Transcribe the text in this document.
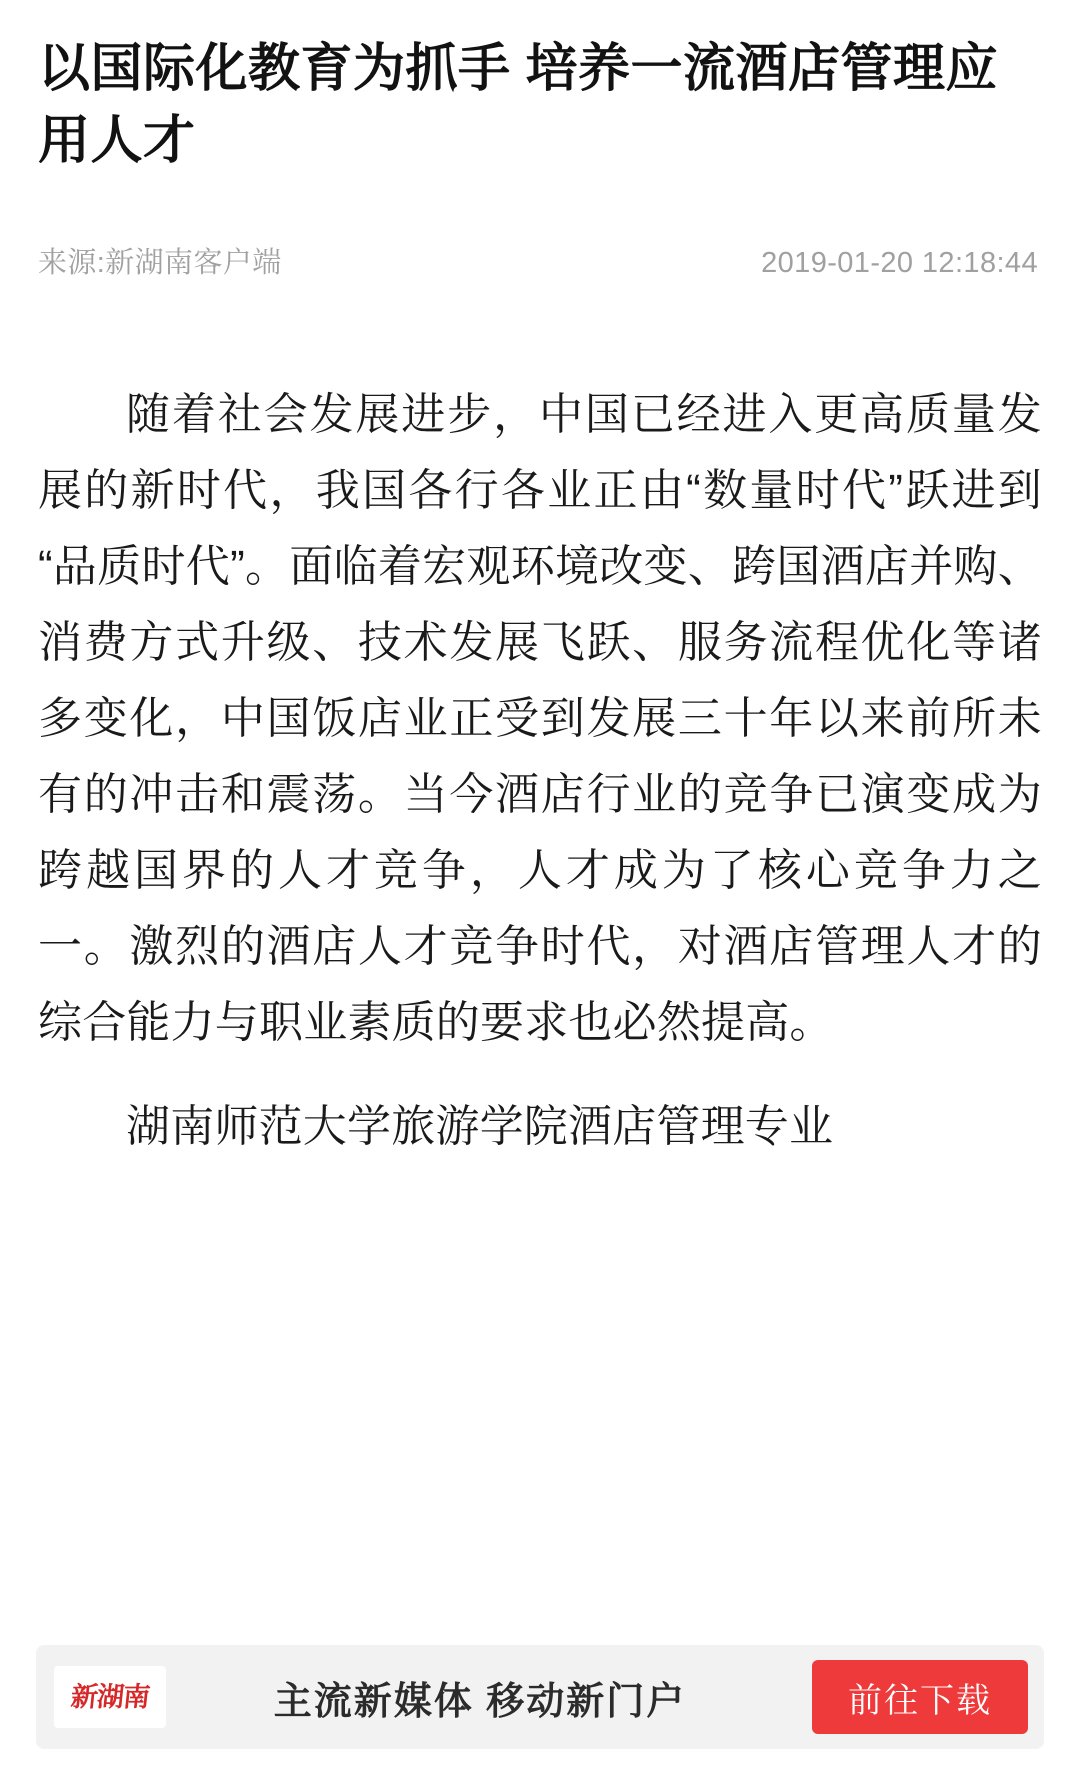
以国际化教育为抓手 培养一流酒店管理应用人才
来源:新湖南客户端	2019-01-20 12:18:44

随着社会发展进步，中国已经进入更高质量发展的新时代，我国各行各业正由“数量时代”跃进到“品质时代”。面临着宏观环境改变、跨国酒店并购、消费方式升级、技术发展飞跃、服务流程优化等诸多变化，中国饭店业正受到发展三十年以来前所未有的冲击和震荡。当今酒店行业的竞争已演变成为跨越国界的人才竞争，人才成为了核心竞争力之一。激烈的酒店人才竞争时代，对酒店管理人才的综合能力与职业素质的要求也必然提高。

湖南师范大学旅游学院酒店管理专业

新湖南	主流新媒体 移动新门户	前往下载
